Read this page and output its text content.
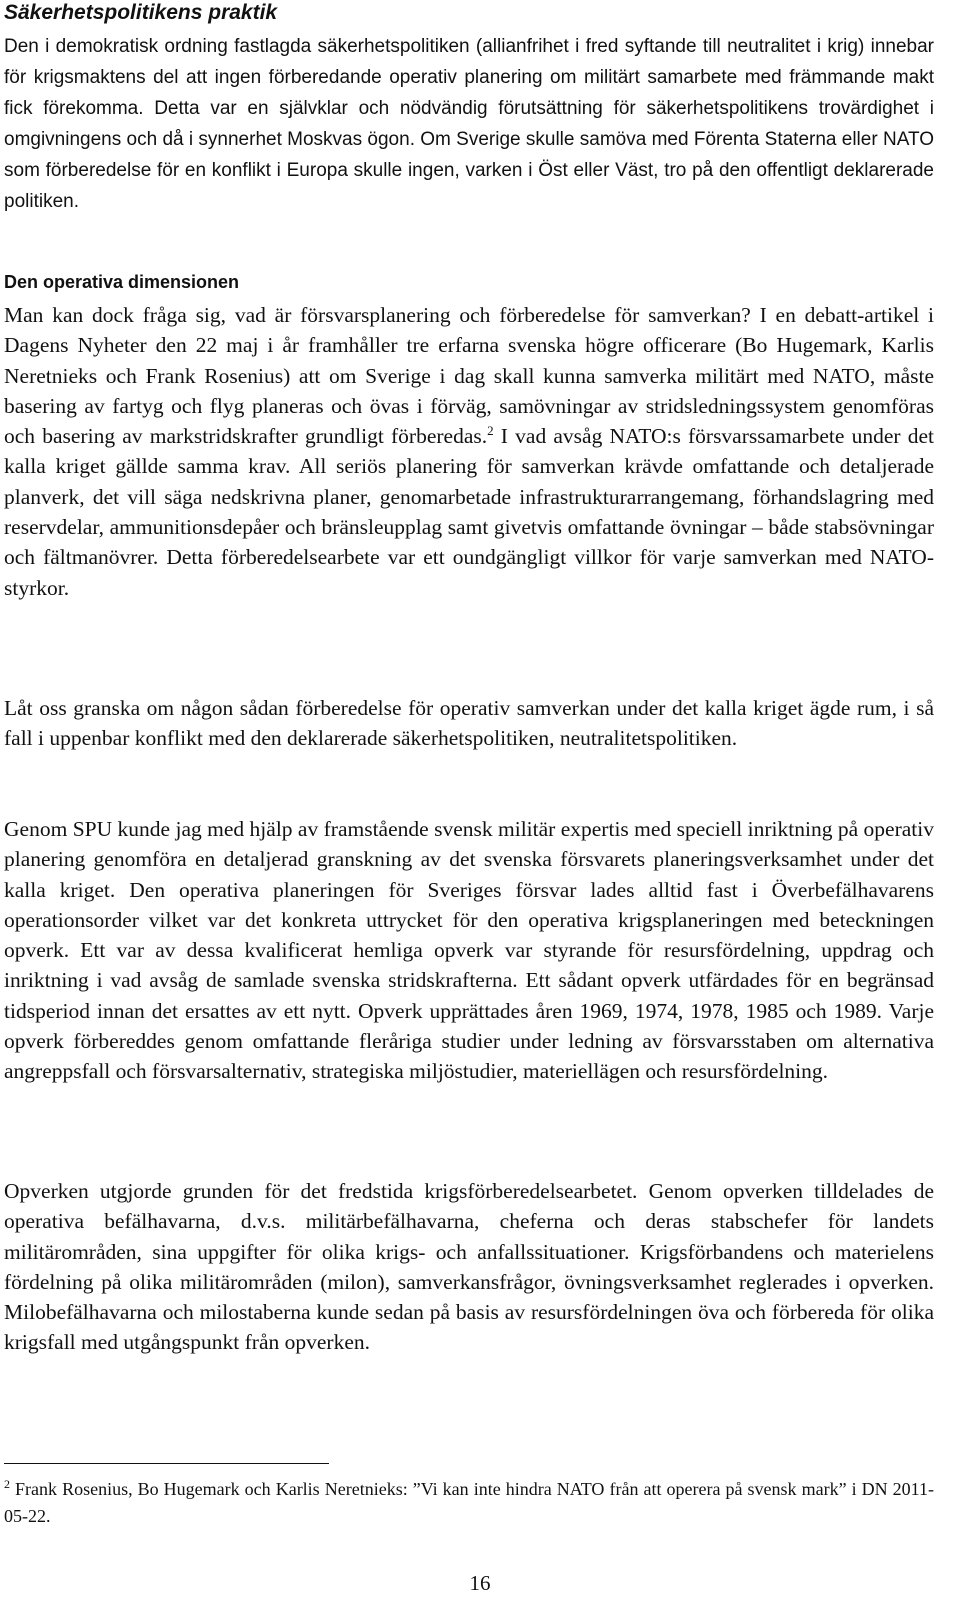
Säkerhetspolitikens praktik

Den i demokratisk ordning fastlagda säkerhetspolitiken (allianfrihet i fred syftande till neutralitet i krig) innebar för krigsmaktens del att ingen förberedande operativ planering om militärt samarbete med främmande makt fick förekomma. Detta var en självklar och nödvändig förutsättning för säkerhetspolitikens trovärdighet i omgivningens och då i synnerhet Moskvas ögon. Om Sverige skulle samöva med Förenta Staterna eller NATO som förberedelse för en konflikt i Europa skulle ingen, varken i Öst eller Väst, tro på den offentligt deklarerade politiken.

Den operativa dimensionen

Man kan dock fråga sig, vad är försvarsplanering och förberedelse för samverkan? I en debatt-artikel i Dagens Nyheter den 22 maj i år framhåller tre erfarna svenska högre officerare (Bo Hugemark, Karlis Neretnieks och Frank Rosenius) att om Sverige i dag skall kunna samverka militärt med NATO, måste basering av fartyg och flyg planeras och övas i förväg, samövningar av stridsledningssystem genomföras och basering av markstridskrafter grundligt förberedas.$^2$ I vad avsåg NATO:s försvarssamarbete under det kalla kriget gällde samma krav. All seriös planering för samverkan krävde omfattande och detaljerade planverk, det vill säga nedskrivna planer, genomarbetade infrastrukturarrangemang, förhandslagring med reservdelar, ammunitionsdepåer och bränsleupplag samt givetvis omfattande övningar – både stabsövningar och fältmanövrer. Detta förberedelsearbete var ett oundgängligt villkor för varje samverkan med NATO-styrkor.

Låt oss granska om någon sådan förberedelse för operativ samverkan under det kalla kriget ägde rum, i så fall i uppenbar konflikt med den deklarerade säkerhetspolitiken, neutralitetspolitiken.

Genom SPU kunde jag med hjälp av framstående svensk militär expertis med speciell inriktning på operativ planering genomföra en detaljerad granskning av det svenska försvarets planeringsverksamhet under det kalla kriget. Den operativa planeringen för Sveriges försvar lades alltid fast i Överbefälhavarens operationsorder vilket var det konkreta uttrycket för den operativa krigsplaneringen med beteckningen opverk. Ett var av dessa kvalificerat hemliga opverk var styrande för resursfördelning, uppdrag och inriktning i vad avsåg de samlade svenska stridskrafterna. Ett sådant opverk utfärdades för en begränsad tidsperiod innan det ersattes av ett nytt. Opverk upprättades åren 1969, 1974, 1978, 1985 och 1989. Varje opverk förbereddes genom omfattande fleråriga studier under ledning av försvarsstaben om alternativa angreppsfall och försvarsalternativ, strategiska miljöstudier, materiellägen och resursfördelning.

Opverken utgjorde grunden för det fredstida krigsförberedelsearbetet. Genom opverken tilldelades de operativa befälhavarna, d.v.s. militärbefälhavarna, cheferna och deras stabschefer för landets militärområden, sina uppgifter för olika krigs- och anfallssituationer. Krigsförbandens och materielens fördelning på olika militärområden (milon), samverkansfrågor, övningsverksamhet reglerades i opverken. Milobefälhavarna och milostaberna kunde sedan på basis av resursfördelningen öva och förbereda för olika krigsfall med utgångspunkt från opverken.

$^2$ Frank Rosenius, Bo Hugemark och Karlis Neretnieks: ”Vi kan inte hindra NATO från att operera på svensk mark” i DN 2011-05-22.

16
